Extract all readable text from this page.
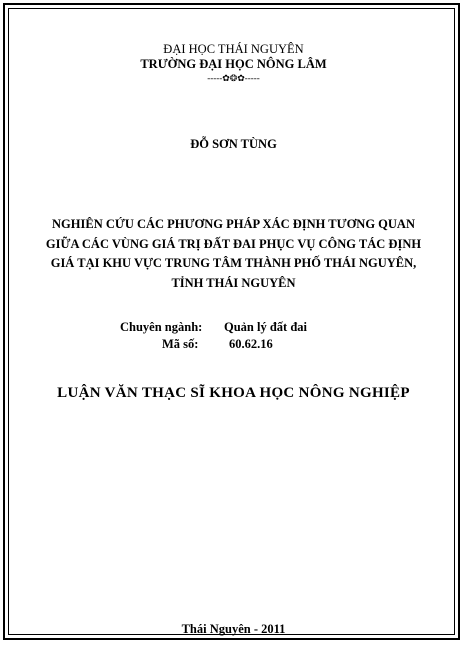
ĐẠI HỌC THÁI NGUYÊN
TRƯỜNG ĐẠI HỌC NÔNG LÂM
-----✿❂✿-----
ĐỖ SƠN TÙNG
NGHIÊN CỨU CÁC PHƯƠNG PHÁP XÁC ĐỊNH TƯƠNG QUAN
GIỮA CÁC VÙNG GIÁ TRỊ ĐẤT ĐAI PHỤC VỤ CÔNG TÁC ĐỊNH
GIÁ TẠI KHU VỰC TRUNG TÂM THÀNH PHỐ THÁI NGUYÊN,
TỈNH THÁI NGUYÊN
Chuyên ngành: Quản lý đất đai
Mã số: 60.62.16
LUẬN VĂN THẠC SĨ KHOA HỌC NÔNG NGHIỆP
Thái Nguyên - 2011
